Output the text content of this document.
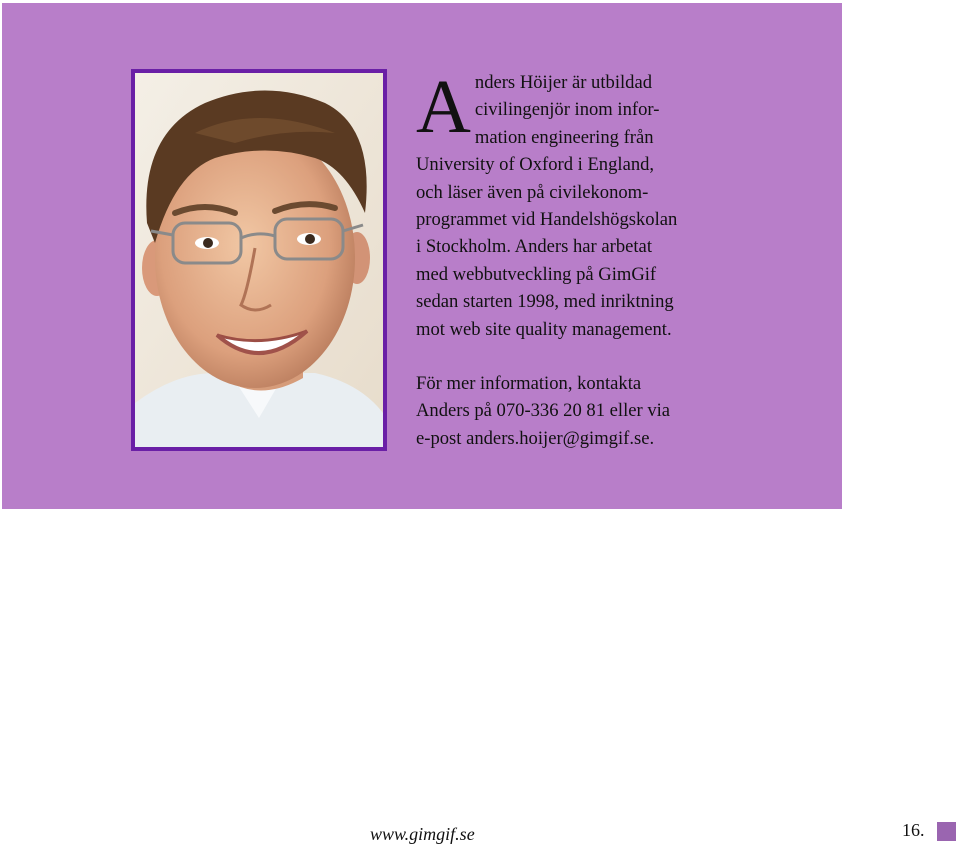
A nders Höijer är utbildad
civilingenjör inom infor-
mation engineering från
University of Oxford i England,
och läser även på civilekonom-
programmet vid Handelshögskolan
i Stockholm. Anders har arbetat
med webbutveckling på GimGif
sedan starten 1998, med inriktning
mot web site quality management.

För mer information, kontakta
Anders på 070-336 20 81 eller via
e-post anders.hoijer@gimgif.se.

www.gimgif.se	16.
